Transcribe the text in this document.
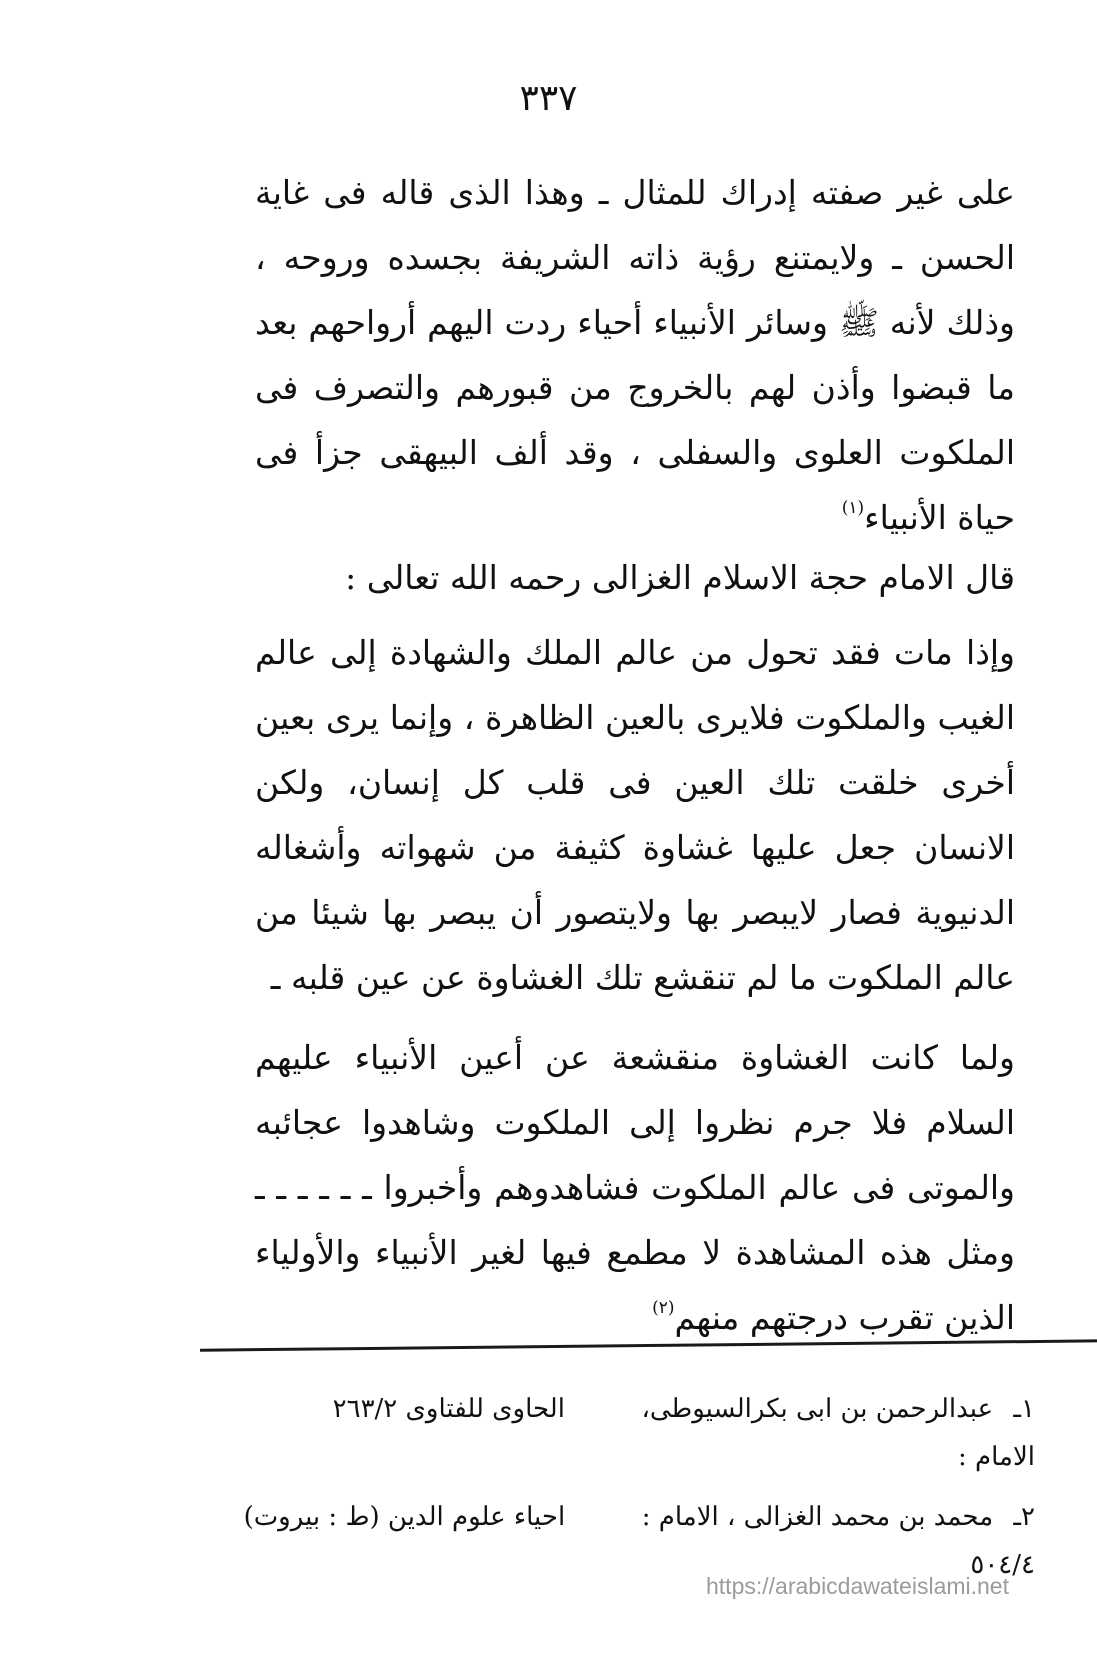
٣٣٧

على غير صفته إدراك للمثال ـ وهذا الذى قاله فى غاية الحسن ـ ولايمتنع رؤية ذاته الشريفة بجسده وروحه ، وذلك لأنه ﷺ وسائر الأنبياء أحياء ردت اليهم أرواحهم بعد ما قبضوا وأذن لهم بالخروج من قبورهم والتصرف فى الملكوت العلوى والسفلى ، وقد ألف البيهقى جزأ فى حياة الأنبياء$^{(١)}$

قال الامام حجة الاسلام الغزالى رحمه الله تعالى :

وإذا مات فقد تحول من عالم الملك والشهادة إلى عالم الغيب والملكوت فلايرى بالعين الظاهرة ، وإنما يرى بعين أخرى خلقت تلك العين فى قلب كل إنسان، ولكن الانسان جعل عليها غشاوة كثيفة من شهواته وأشغاله الدنيوية فصار لايبصر بها ولايتصور أن يبصر بها شيئا من عالم الملكوت ما لم تنقشع تلك الغشاوة عن عين قلبه ـ

ولما كانت الغشاوة منقشعة عن أعين الأنبياء عليهم السلام فلا جرم نظروا إلى الملكوت وشاهدوا عجائبه والموتى فى عالم الملكوت فشاهدوهم وأخبروا ـ ـ ـ ـ ـ ـ ومثل هذه المشاهدة لا مطمع فيها لغير الأنبياء والأولياء الذين تقرب درجتهم منهم$^{(٢)}$

١ـ عبدالرحمن بن ابى بكرالسيوطى،  الحاوى للفتاوى ٢٦٣/٢
الامام :

٢ـ محمد بن محمد الغزالى ، الامام :  احياء علوم الدين (ط : بيروت) ٥٠٤/٤

https://arabicdawateislami.net
